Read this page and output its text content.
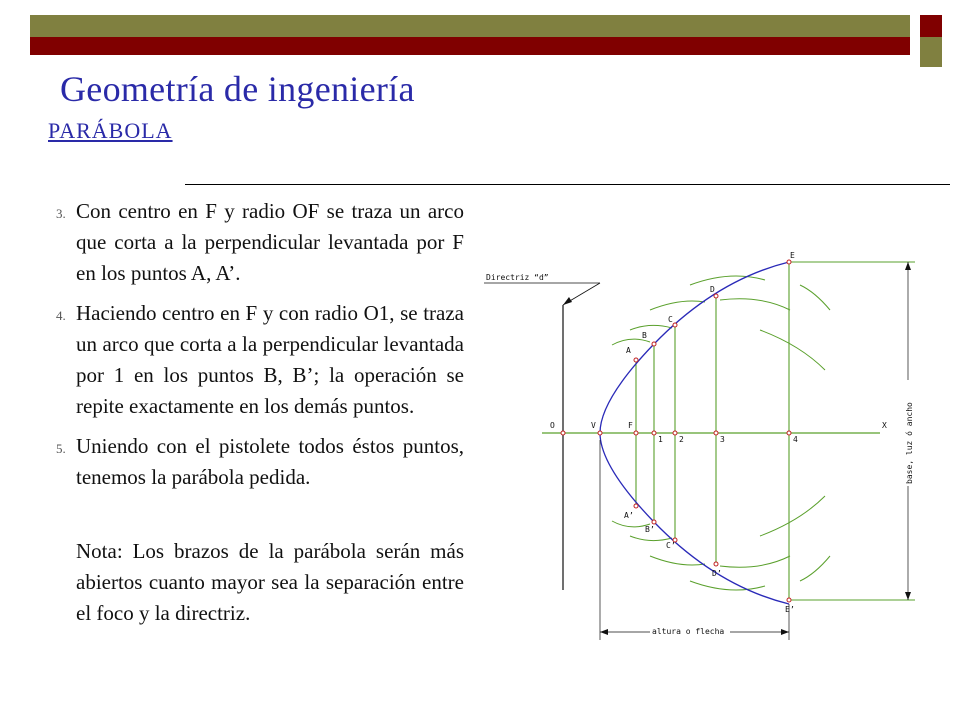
Geometría de ingeniería
PARÁBOLA
3. Con centro en F y radio OF se traza un arco que corta a la perpendicular levantada por F en los puntos A, A’.
4. Haciendo centro en F y con radio O1, se traza un arco que corta a la perpendicular levantada por 1 en los puntos B, B’; la operación se repite exactamente en los demás puntos.
5. Uniendo con el pistolete todos éstos puntos, tenemos la parábola pedida.

Nota: Los brazos de la parábola serán más abiertos cuanto mayor sea la separación entre el foco y la directriz.

Directriz “d”
O	V	F
1 2	3	4
X
A
B
C
D
E
A’
B’
C’
D’
E’
altura o flecha
base, luz ó ancho
